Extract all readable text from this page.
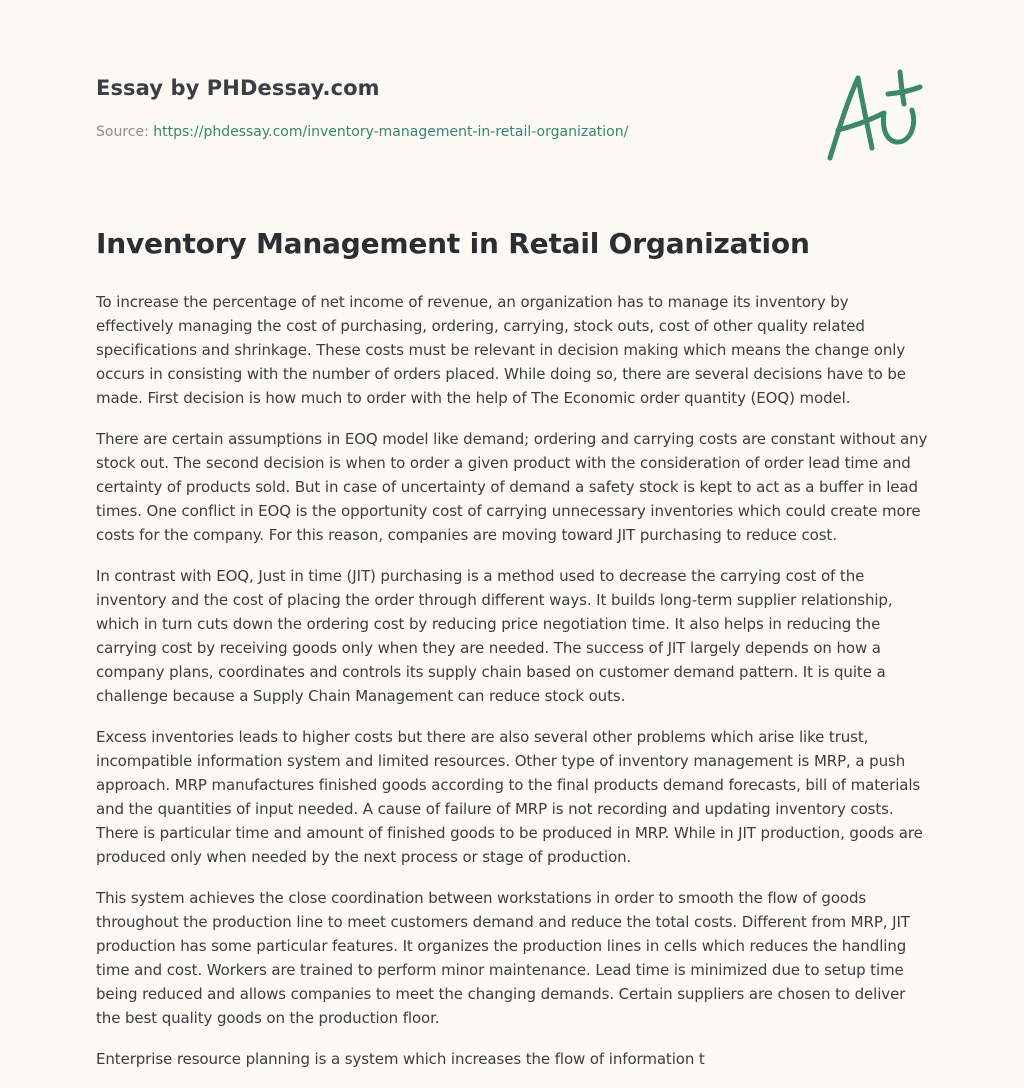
Essay by PHDessay.com
Source: https://phdessay.com/inventory-management-in-retail-organization/
Inventory Management in Retail Organization

To increase the percentage of net income of revenue, an organization has to manage its inventory by effectively managing the cost of purchasing, ordering, carrying, stock outs, cost of other quality related specifications and shrinkage. These costs must be relevant in decision making which means the change only occurs in consisting with the number of orders placed. While doing so, there are several decisions have to be made. First decision is how much to order with the help of The Economic order quantity (EOQ) model.

There are certain assumptions in EOQ model like demand; ordering and carrying costs are constant without any stock out. The second decision is when to order a given product with the consideration of order lead time and certainty of products sold. But in case of uncertainty of demand a safety stock is kept to act as a buffer in lead times. One conflict in EOQ is the opportunity cost of carrying unnecessary inventories which could create more costs for the company. For this reason, companies are moving toward JIT purchasing to reduce cost.

In contrast with EOQ, Just in time (JIT) purchasing is a method used to decrease the carrying cost of the inventory and the cost of placing the order through different ways. It builds long-term supplier relationship, which in turn cuts down the ordering cost by reducing price negotiation time. It also helps in reducing the carrying cost by receiving goods only when they are needed. The success of JIT largely depends on how a company plans, coordinates and controls its supply chain based on customer demand pattern. It is quite a challenge because a Supply Chain Management can reduce stock outs.

Excess inventories leads to higher costs but there are also several other problems which arise like trust, incompatible information system and limited resources. Other type of inventory management is MRP, a push approach. MRP manufactures finished goods according to the final products demand forecasts, bill of materials and the quantities of input needed. A cause of failure of MRP is not recording and updating inventory costs. There is particular time and amount of finished goods to be produced in MRP. While in JIT production, goods are produced only when needed by the next process or stage of production.

This system achieves the close coordination between workstations in order to smooth the flow of goods throughout the production line to meet customers demand and reduce the total costs. Different from MRP, JIT production has some particular features. It organizes the production lines in cells which reduces the handling time and cost. Workers are trained to perform minor maintenance. Lead time is minimized due to setup time being reduced and allows companies to meet the changing demands. Certain suppliers are chosen to deliver the best quality goods on the production floor.

Enterprise resource planning is a system which increases the flow of information t
